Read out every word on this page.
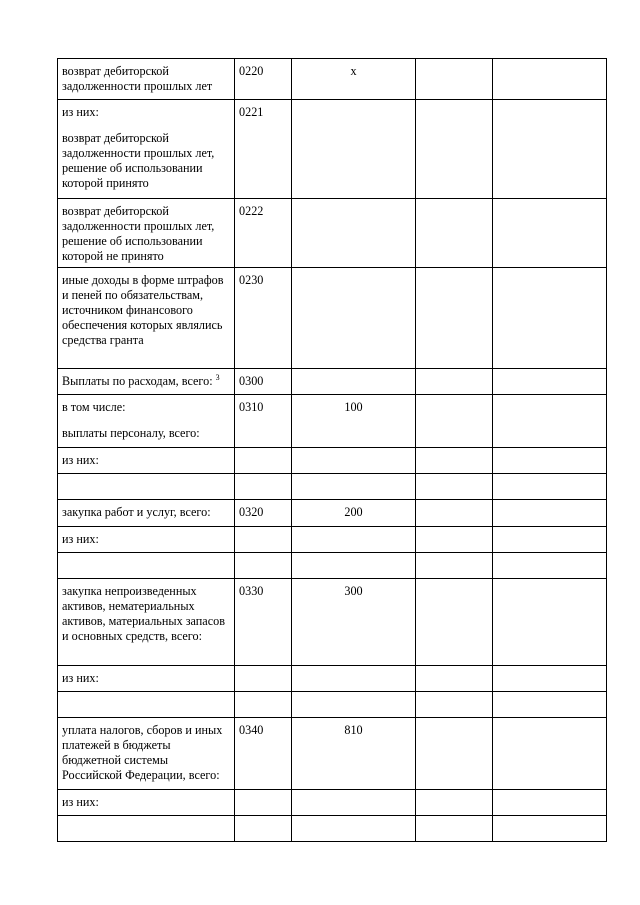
возврат дебиторской задолженности прошлых лет	0220	х		

из них:
возврат дебиторской задолженности прошлых лет, решение об использовании которой принято	0221			

возврат дебиторской задолженности прошлых лет, решение об использовании которой не принято	0222			

иные доходы в форме штрафов и пеней по обязательствам, источником финансового обеспечения которых являлись средства гранта	0230			
Выплаты по расходам, всего: $^3$	0300			

в том числе:
выплаты персоналу, всего:	0310	100		

из них:				

закупка работ и услуг, всего:	0320	200		

из них:				

закупка непроизведенных активов, нематериальных активов, материальных запасов и основных средств, всего:	0330	300		

из них:				

уплата налогов, сборов и иных платежей в бюджеты бюджетной системы Российской Федерации, всего:	0340	810		

из них:				
